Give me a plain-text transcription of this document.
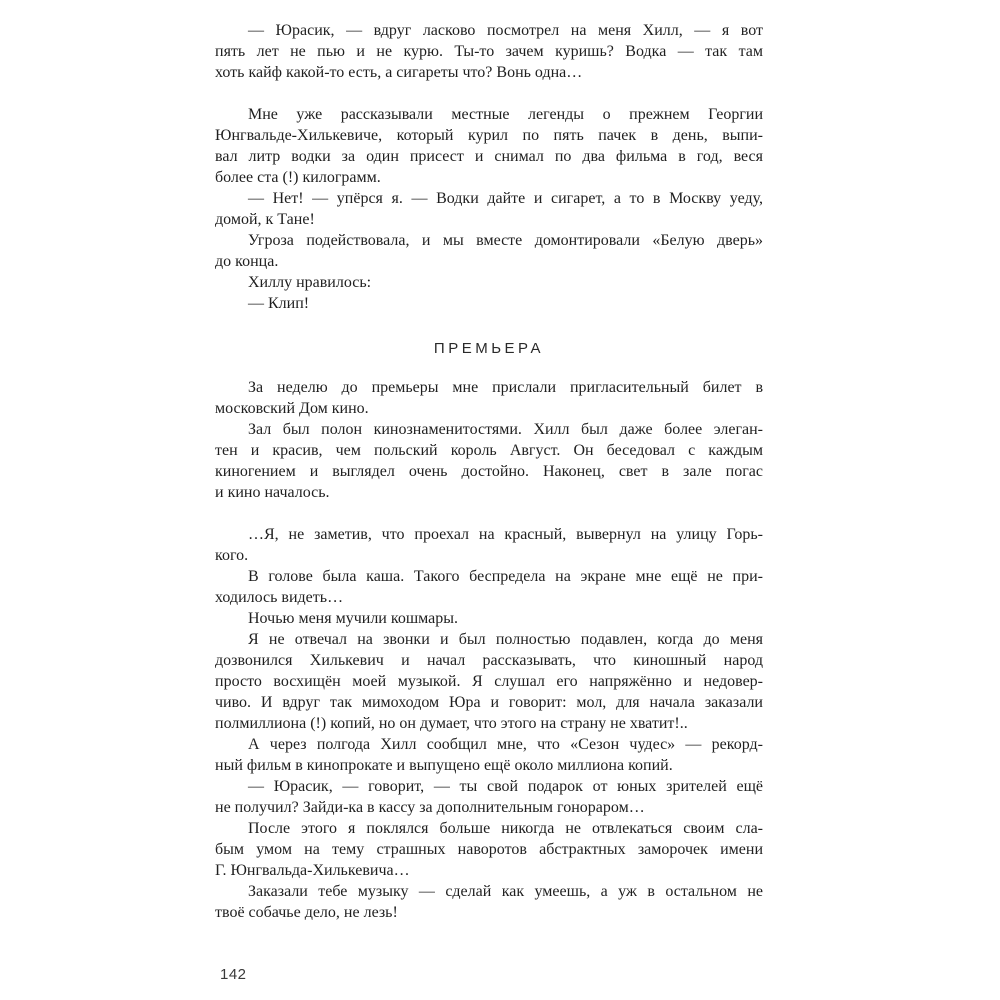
— Юрасик, — вдруг ласково посмотрел на меня Хилл, — я вот
пять лет не пью и не курю. Ты-то зачем куришь? Водка — так там
хоть кайф какой-то есть, а сигареты что? Вонь одна…
Мне уже рассказывали местные легенды о прежнем Георгии
Юнгвальде-Хилькевиче, который курил по пять пачек в день, выпи-
вал литр водки за один присест и снимал по два фильма в год, веся
более ста (!) килограмм.
— Нет! — упёрся я. — Водки дайте и сигарет, а то в Москву уеду,
домой, к Тане!
Угроза подействовала, и мы вместе домонтировали «Белую дверь»
до конца.
Хиллу нравилось:
— Клип!
ПРЕМЬЕРА
За неделю до премьеры мне прислали пригласительный билет в
московский Дом кино.
Зал был полон кинознаменитостями. Хилл был даже более элеган-
тен и красив, чем польский король Август. Он беседовал с каждым
киногением и выглядел очень достойно. Наконец, свет в зале погас
и кино началось.
…Я, не заметив, что проехал на красный, вывернул на улицу Горь-
кого.
В голове была каша. Такого беспредела на экране мне ещё не при-
ходилось видеть…
Ночью меня мучили кошмары.
Я не отвечал на звонки и был полностью подавлен, когда до меня
дозвонился Хилькевич и начал рассказывать, что киношный народ
просто восхищён моей музыкой. Я слушал его напряжённо и недовер-
чиво. И вдруг так мимоходом Юра и говорит: мол, для начала заказали
полмиллиона (!) копий, но он думает, что этого на страну не хватит!..
А через полгода Хилл сообщил мне, что «Сезон чудес» — рекорд-
ный фильм в кинопрокате и выпущено ещё около миллиона копий.
— Юрасик, — говорит, — ты свой подарок от юных зрителей ещё
не получил? Зайди-ка в кассу за дополнительным гонораром…
После этого я поклялся больше никогда не отвлекаться своим сла-
бым умом на тему страшных наворотов абстрактных заморочек имени
Г. Юнгвальда-Хилькевича…
Заказали тебе музыку — сделай как умеешь, а уж в остальном не
твоё собачье дело, не лезь!
142
